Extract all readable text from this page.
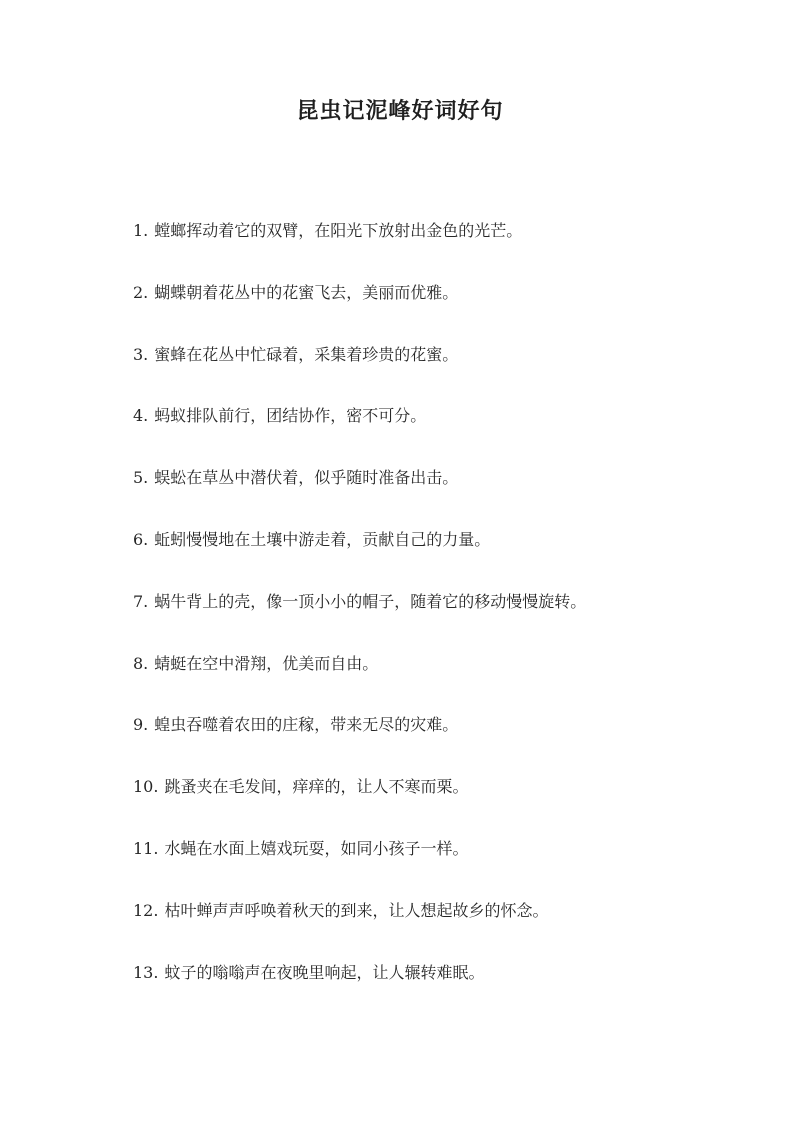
昆虫记泥峰好词好句
1. 螳螂挥动着它的双臂，在阳光下放射出金色的光芒。
2. 蝴蝶朝着花丛中的花蜜飞去，美丽而优雅。
3. 蜜蜂在花丛中忙碌着，采集着珍贵的花蜜。
4. 蚂蚁排队前行，团结协作，密不可分。
5. 蜈蚣在草丛中潜伏着，似乎随时准备出击。
6. 蚯蚓慢慢地在土壤中游走着，贡献自己的力量。
7. 蜗牛背上的壳，像一顶小小的帽子，随着它的移动慢慢旋转。
8. 蜻蜓在空中滑翔，优美而自由。
9. 蝗虫吞噬着农田的庄稼，带来无尽的灾难。
10. 跳蚤夹在毛发间，痒痒的，让人不寒而栗。
11. 水蝇在水面上嬉戏玩耍，如同小孩子一样。
12. 枯叶蝉声声呼唤着秋天的到来，让人想起故乡的怀念。
13. 蚊子的嗡嗡声在夜晚里响起，让人辗转难眠。
